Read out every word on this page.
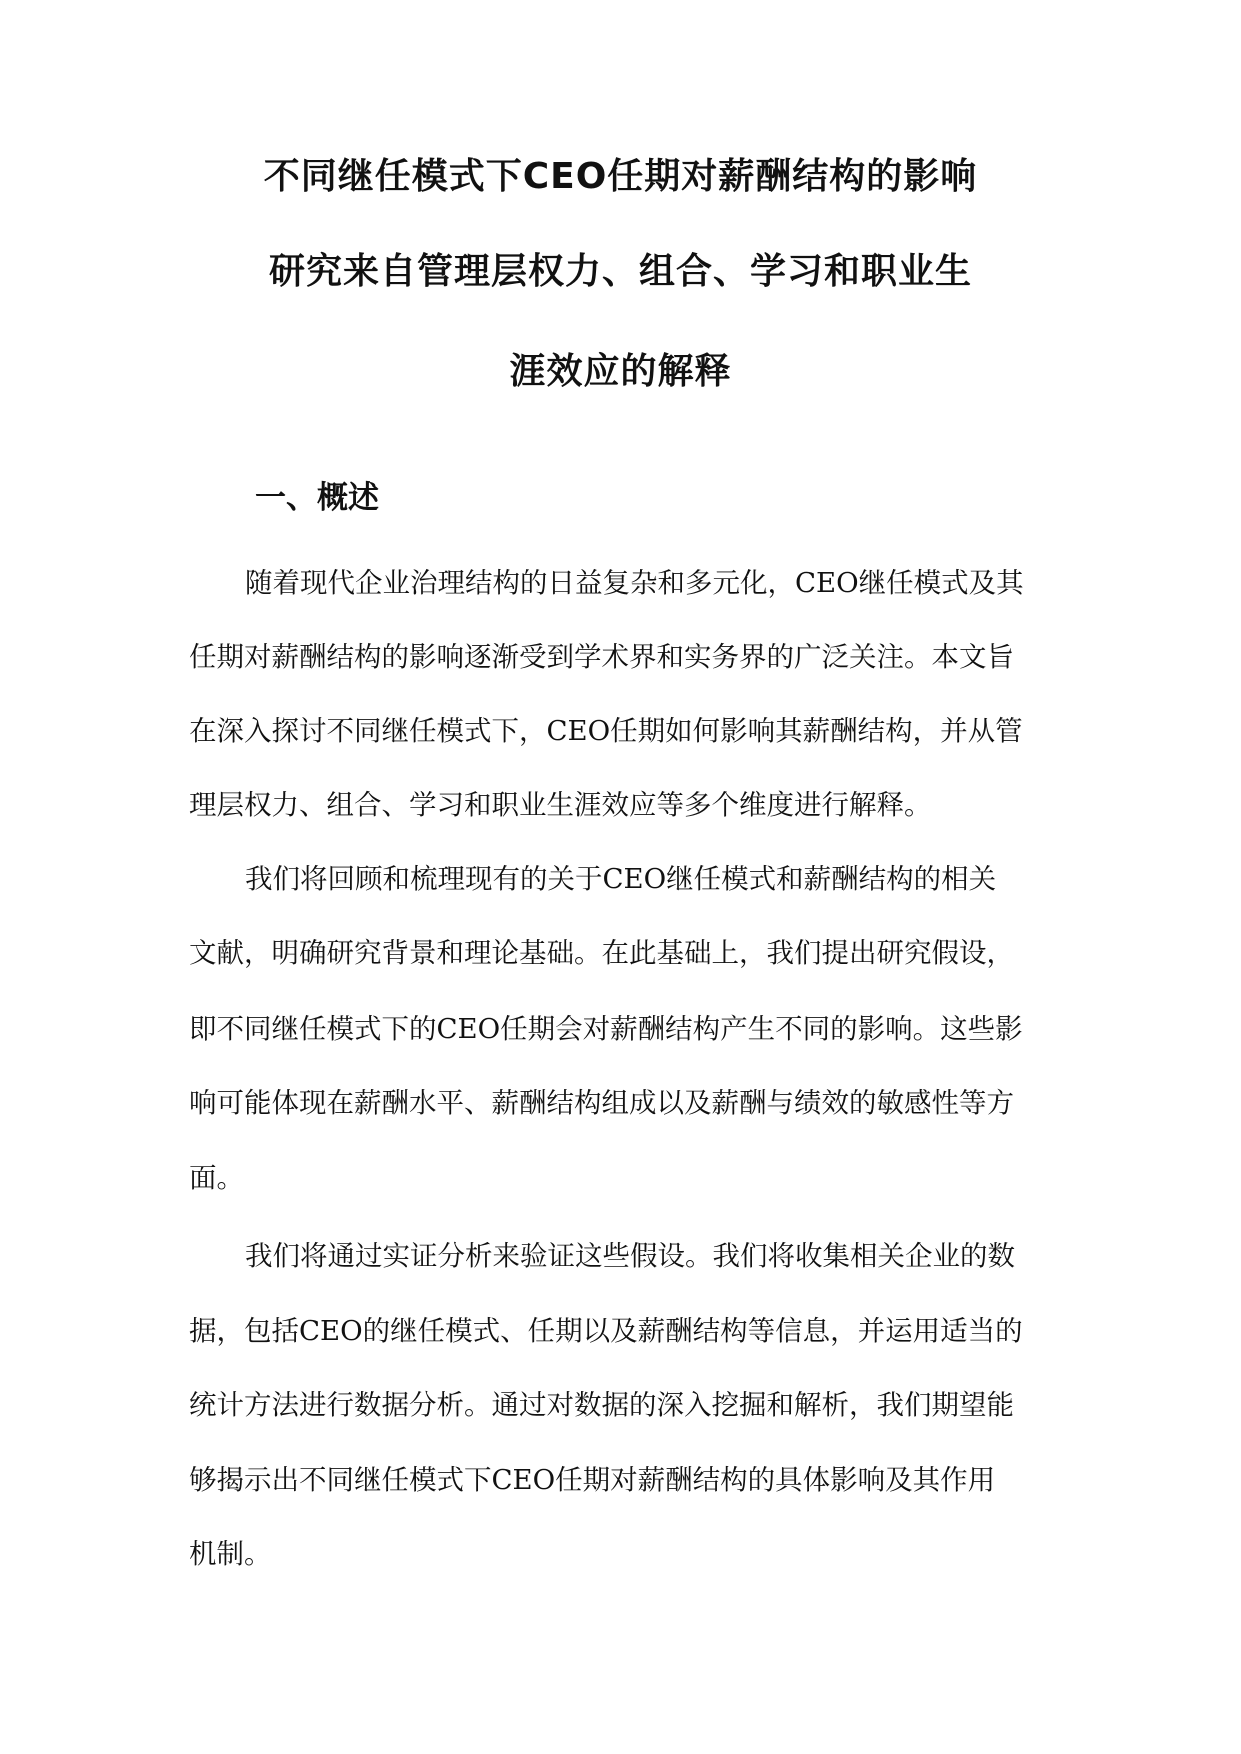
不同继任模式下CEO任期对薪酬结构的影响
研究来自管理层权力、组合、学习和职业生
涯效应的解释
一、概述
随着现代企业治理结构的日益复杂和多元化，CEO继任模式及其
任期对薪酬结构的影响逐渐受到学术界和实务界的广泛关注。本文旨
在深入探讨不同继任模式下，CEO任期如何影响其薪酬结构，并从管
理层权力、组合、学习和职业生涯效应等多个维度进行解释。
我们将回顾和梳理现有的关于CEO继任模式和薪酬结构的相关
文献，明确研究背景和理论基础。在此基础上，我们提出研究假设，
即不同继任模式下的CEO任期会对薪酬结构产生不同的影响。这些影
响可能体现在薪酬水平、薪酬结构组成以及薪酬与绩效的敏感性等方
面。
我们将通过实证分析来验证这些假设。我们将收集相关企业的数
据，包括CEO的继任模式、任期以及薪酬结构等信息，并运用适当的
统计方法进行数据分析。通过对数据的深入挖掘和解析，我们期望能
够揭示出不同继任模式下CEO任期对薪酬结构的具体影响及其作用
机制。
